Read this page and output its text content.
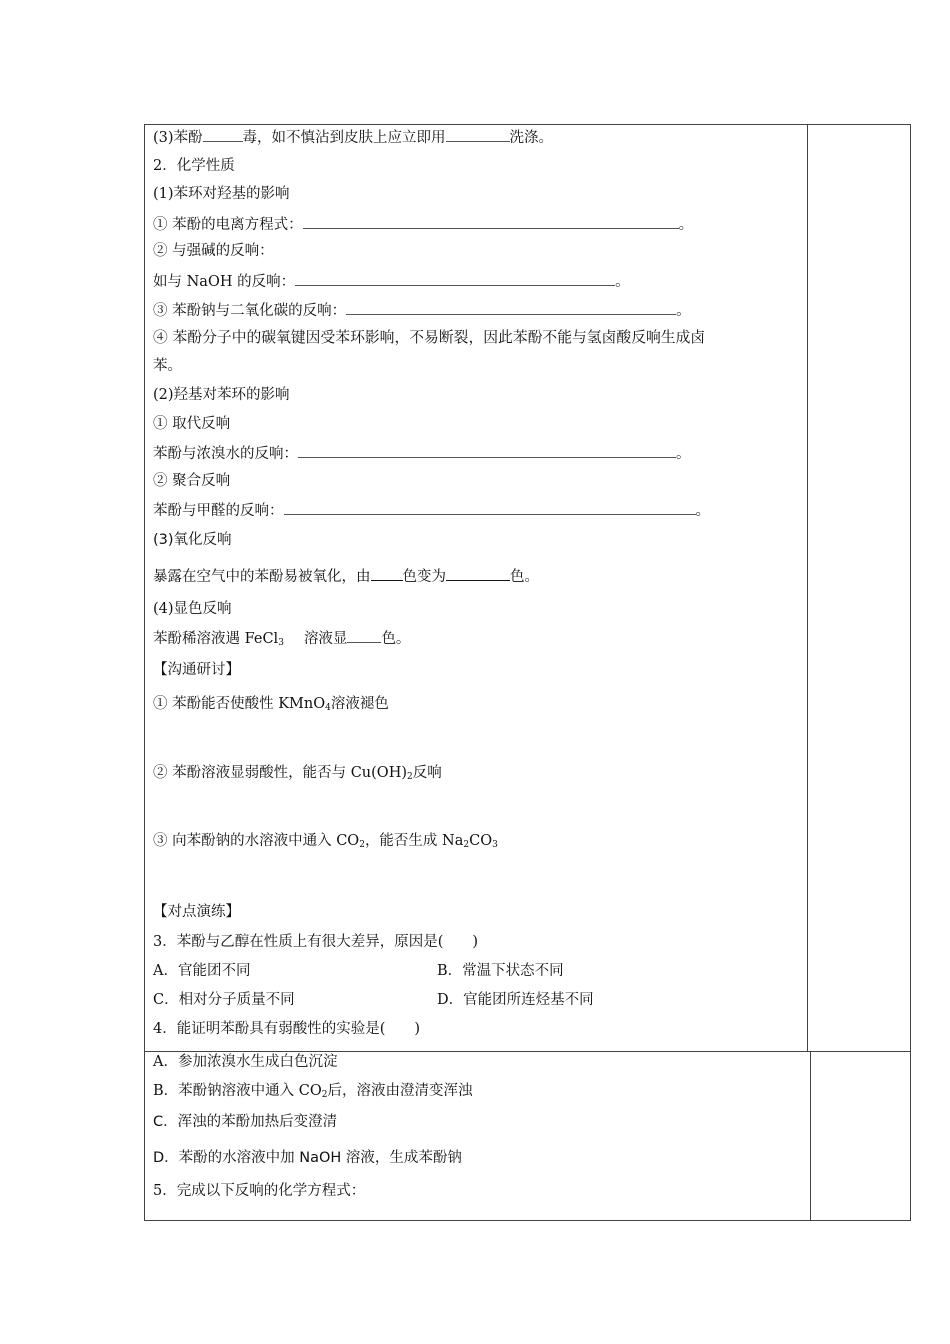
(3)苯酚	毒，如不慎沾到皮肤上应立即用	洗涤。
2．化学性质
(1)苯环对羟基的影响
① 苯酚的电离方程式：	。
② 与强碱的反响：
如与 NaOH 的反响：	。
③ 苯酚钠与二氧化碳的反响：	。
④ 苯酚分子中的碳氧键因受苯环影响，不易断裂，因此苯酚不能与氢卤酸反响生成卤
苯。
(2)羟基对苯环的影响
① 取代反响
苯酚与浓溴水的反响：	。
② 聚合反响
苯酚与甲醛的反响：	。
(3)氧化反响
暴露在空气中的苯酚易被氧化，由 色变为	色。
(4)显色反响
苯酚稀溶液遇 FeCl$_3$ 溶液显 色。
【沟通研讨】
① 苯酚能否使酸性 KMnO$_4$溶液褪色
② 苯酚溶液显弱酸性，能否与 $Cu(OH)_2$反响
③ 向苯酚钠的水溶液中通入 $CO_2$，能否生成 $Na_2CO_3$
【对点演练】
3．苯酚与乙醇在性质上有很大差异，原因是(　　)
A．官能团不同	B．常温下状态不同
C．相对分子质量不同	D．官能团所连烃基不同
4．能证明苯酚具有弱酸性的实验是(　　)
A．参加浓溴水生成白色沉淀
B．苯酚钠溶液中通入 $CO_2$后，溶液由澄清变浑浊
C．浑浊的苯酚加热后变澄清
D．苯酚的水溶液中加 NaOH 溶液，生成苯酚钠
5．完成以下反响的化学方程式：
